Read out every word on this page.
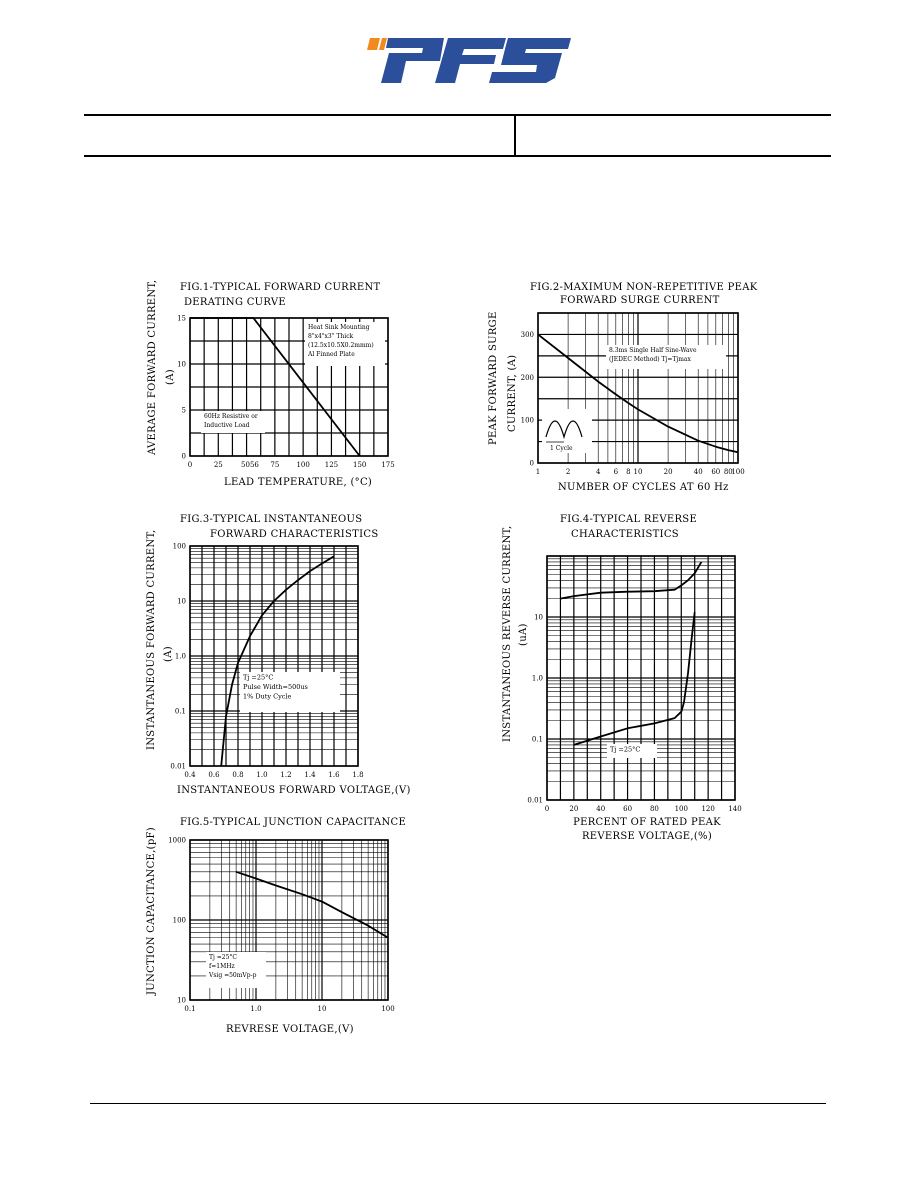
FIG.1-TYPICAL FORWARD CURRENT
DERATING CURVE
AVERAGE FORWARD CURRENT, (A)
LEAD TEMPERATURE, (°C)
0	25	5056 75 100 125 150 175
0
5
10
15
Heat Sink Mounting
8"x4"x3" Thick
(12.5x10.5X0.2mmm)
Al Finned Plate
60Hz Resistive or
Inductive Load
FIG.2-MAXIMUM NON-REPETITIVE PEAK
FORWARD SURGE CURRENT
PEAK FORWARD SURGE CURRENT, (A)
NUMBER OF CYCLES AT 60 Hz
1	2	4 6 8 10	20	40 60 80
100
0
100
200
300
8.3ms Single Half Sine-Wave
(JEDEC Method) Tj=Tjmax
1 Cycle
FIG.3-TYPICAL INSTANTANEOUS
FORWARD CHARACTERISTICS
INSTANTANEOUS FORWARD CURRENT, (A)
INSTANTANEOUS FORWARD VOLTAGE,(V)
0.4 0.6 0.8 1.0 1.2 1.4 1.6 1.8
0.01
0.1
1.0
10
100
Tj =25°C
Pulse Width=500us
1% Duty Cycle
FIG.4-TYPICAL REVERSE
CHARACTERISTICS
INSTANTANEOUS REVERSE CURRENT, (uA)
PERCENT OF RATED PEAK
REVERSE VOLTAGE,(%)
0	20	40	60	80 100 120 140
0.01
0.1
1.0
10
Tj =25°C
FIG.5-TYPICAL JUNCTION CAPACITANCE
JUNCTION CAPACITANCE,(pF)
REVRESE VOLTAGE,(V)
0.1	1.0	10	100
10
100
1000
Tj =25°C
f=1MHz
Vsig =50mVp-p
